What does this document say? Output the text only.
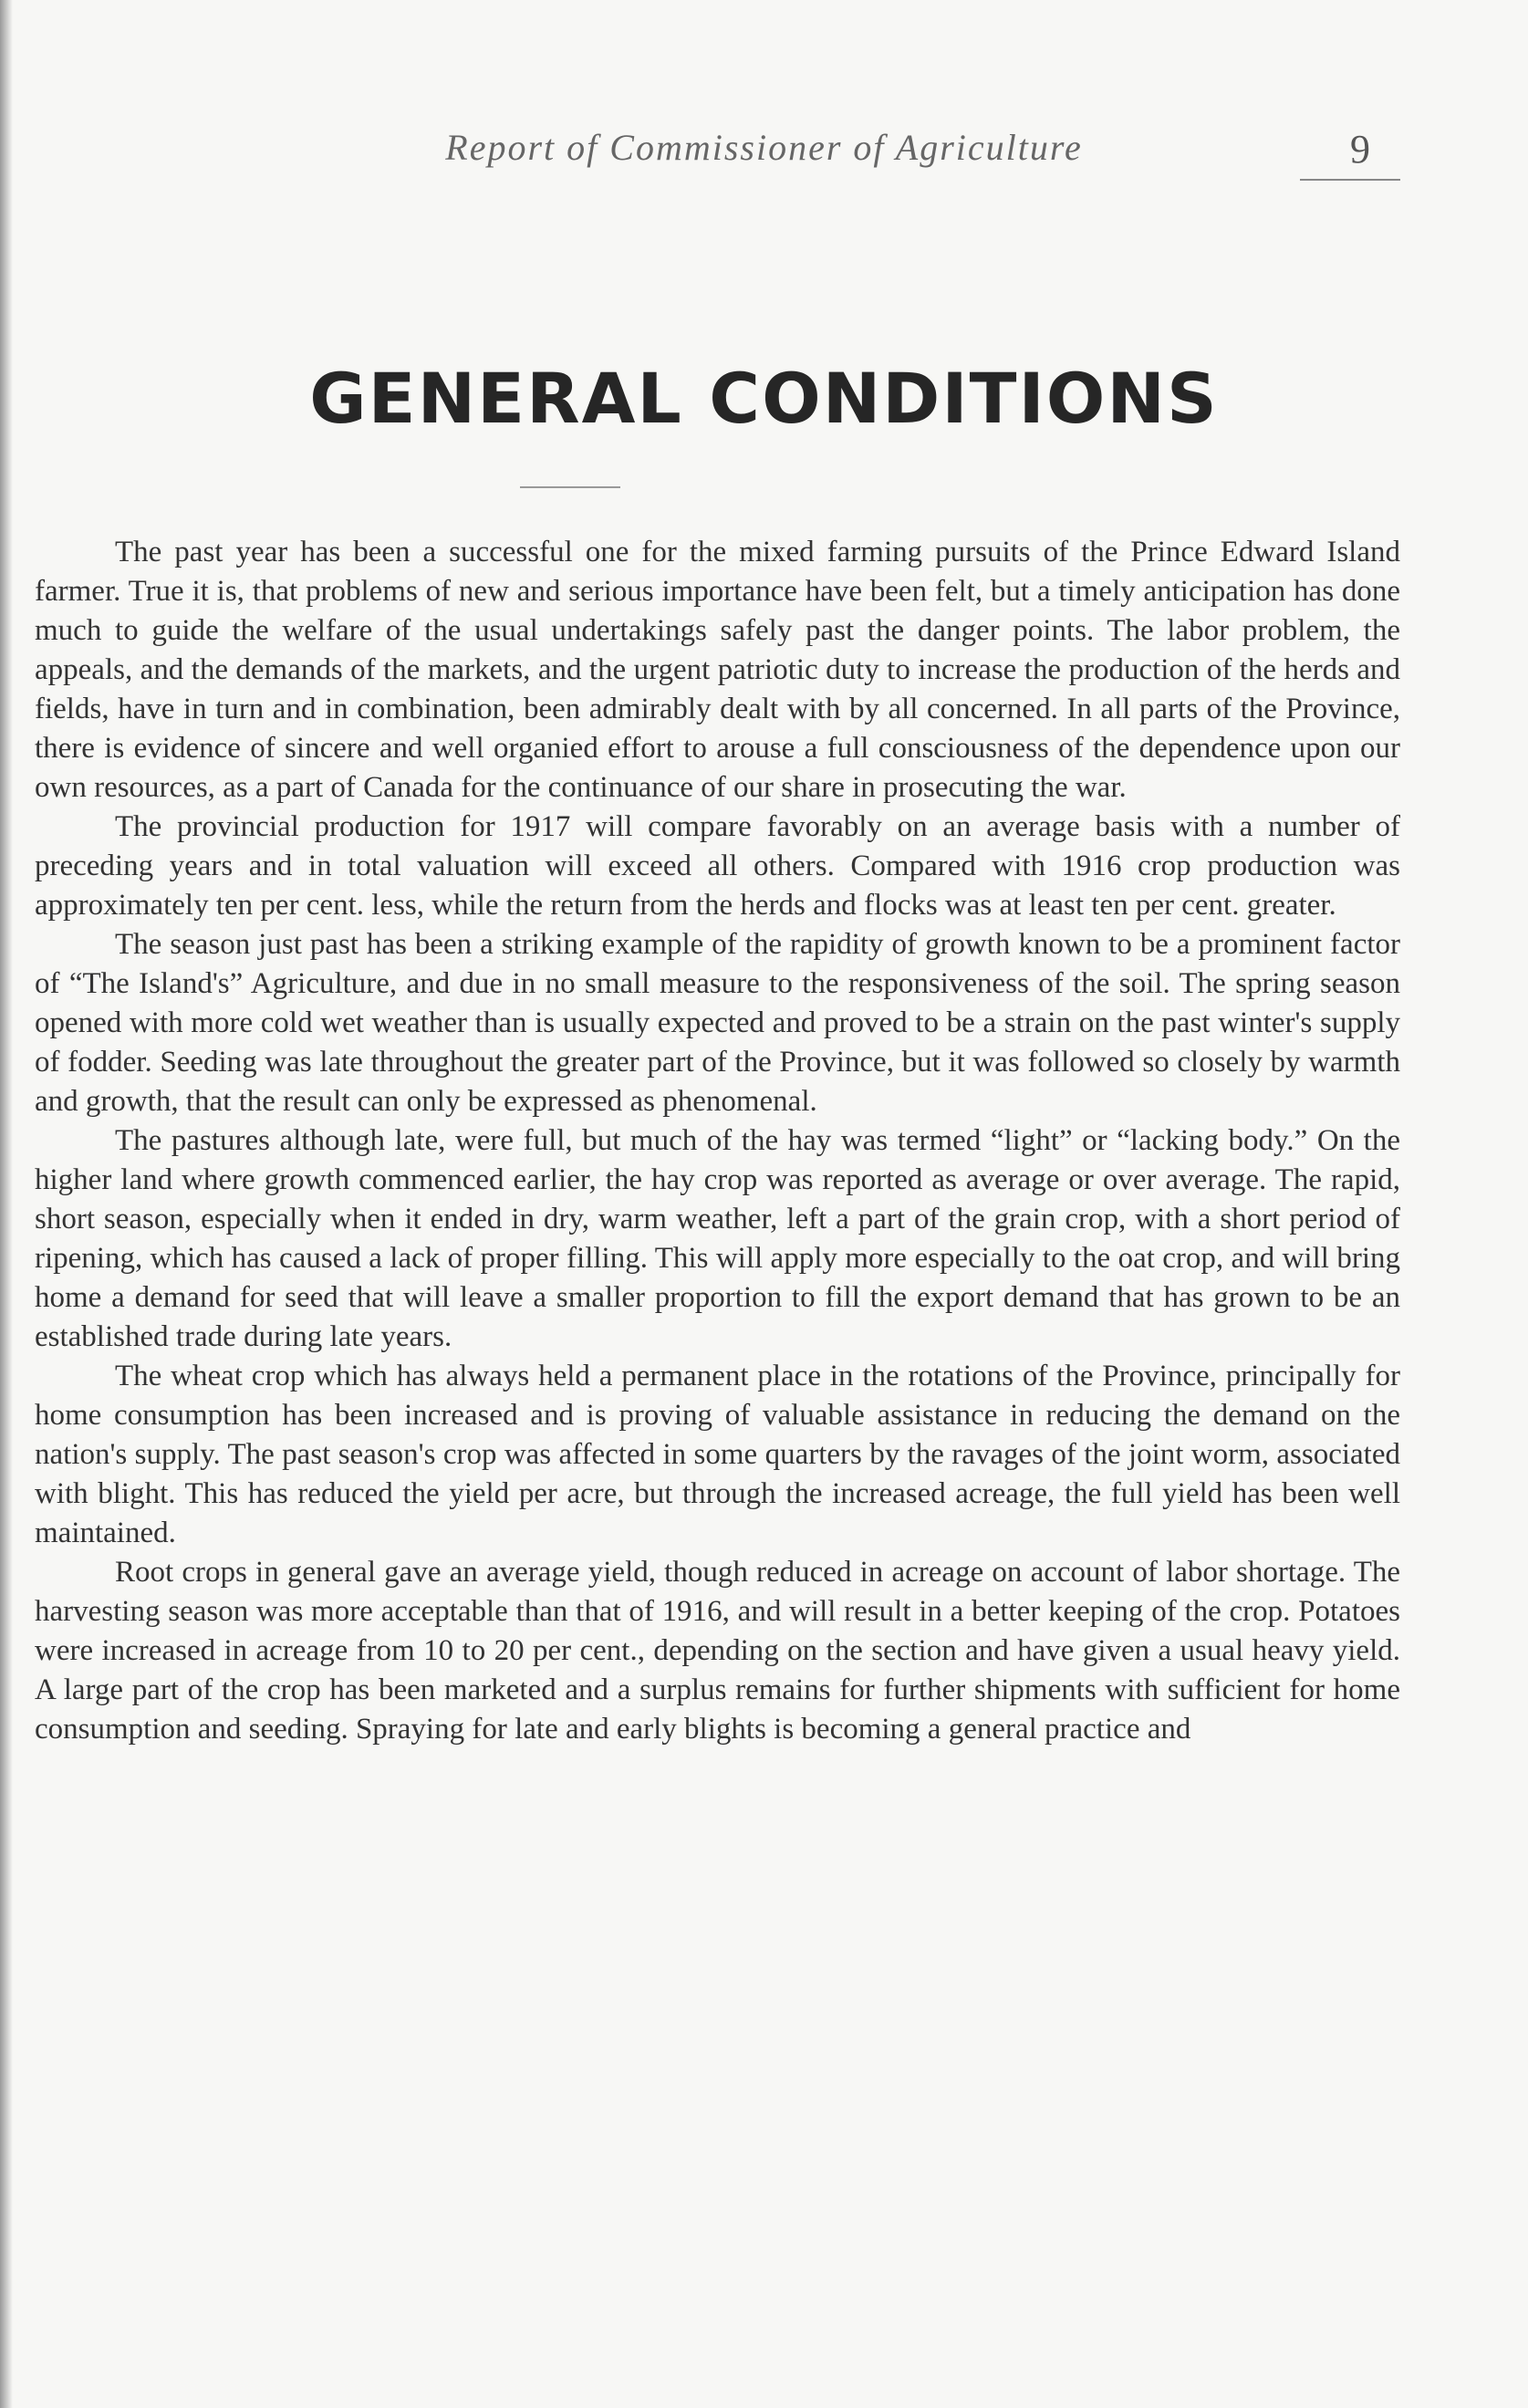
Report of Commissioner of Agriculture	9
GENERAL CONDITIONS

The past year has been a successful one for the mixed farming pursuits of the Prince Edward Island farmer. True it is, that problems of new and serious importance have been felt, but a timely anticipation has done much to guide the welfare of the usual undertakings safely past the danger points. The labor problem, the appeals, and the demands of the markets, and the urgent patriotic duty to increase the production of the herds and fields, have in turn and in combination, been admirably dealt with by all concerned. In all parts of the Province, there is evidence of sincere and well organied effort to arouse a full consciousness of the dependence upon our own resources, as a part of Canada for the continuance of our share in prosecuting the war.

The provincial production for 1917 will compare favorably on an average basis with a number of preceding years and in total valuation will exceed all others. Compared with 1916 crop production was approximately ten per cent. less, while the return from the herds and flocks was at least ten per cent. greater.

The season just past has been a striking example of the rapidity of growth known to be a prominent factor of “The Island's” Agriculture, and due in no small measure to the responsiveness of the soil. The spring season opened with more cold wet weather than is usually expected and proved to be a strain on the past winter's supply of fodder. Seeding was late throughout the greater part of the Province, but it was followed so closely by warmth and growth, that the result can only be expressed as phenomenal.

The pastures although late, were full, but much of the hay was termed “light” or “lacking body.” On the higher land where growth commenced earlier, the hay crop was reported as average or over average. The rapid, short season, especially when it ended in dry, warm weather, left a part of the grain crop, with a short period of ripening, which has caused a lack of proper filling. This will apply more especially to the oat crop, and will bring home a demand for seed that will leave a smaller proportion to fill the export demand that has grown to be an established trade during late years.

The wheat crop which has always held a permanent place in the rotations of the Province, principally for home consumption has been increased and is proving of valuable assistance in reducing the demand on the nation's supply. The past season's crop was affected in some quarters by the ravages of the joint worm, associated with blight. This has reduced the yield per acre, but through the increased acreage, the full yield has been well maintained.

Root crops in general gave an average yield, though reduced in acreage on account of labor shortage. The harvesting season was more acceptable than that of 1916, and will result in a better keeping of the crop. Potatoes were increased in acreage from 10 to 20 per cent., depending on the section and have given a usual heavy yield. A large part of the crop has been marketed and a surplus remains for further shipments with sufficient for home consumption and seeding. Spraying for late and early blights is becoming a general practice and
